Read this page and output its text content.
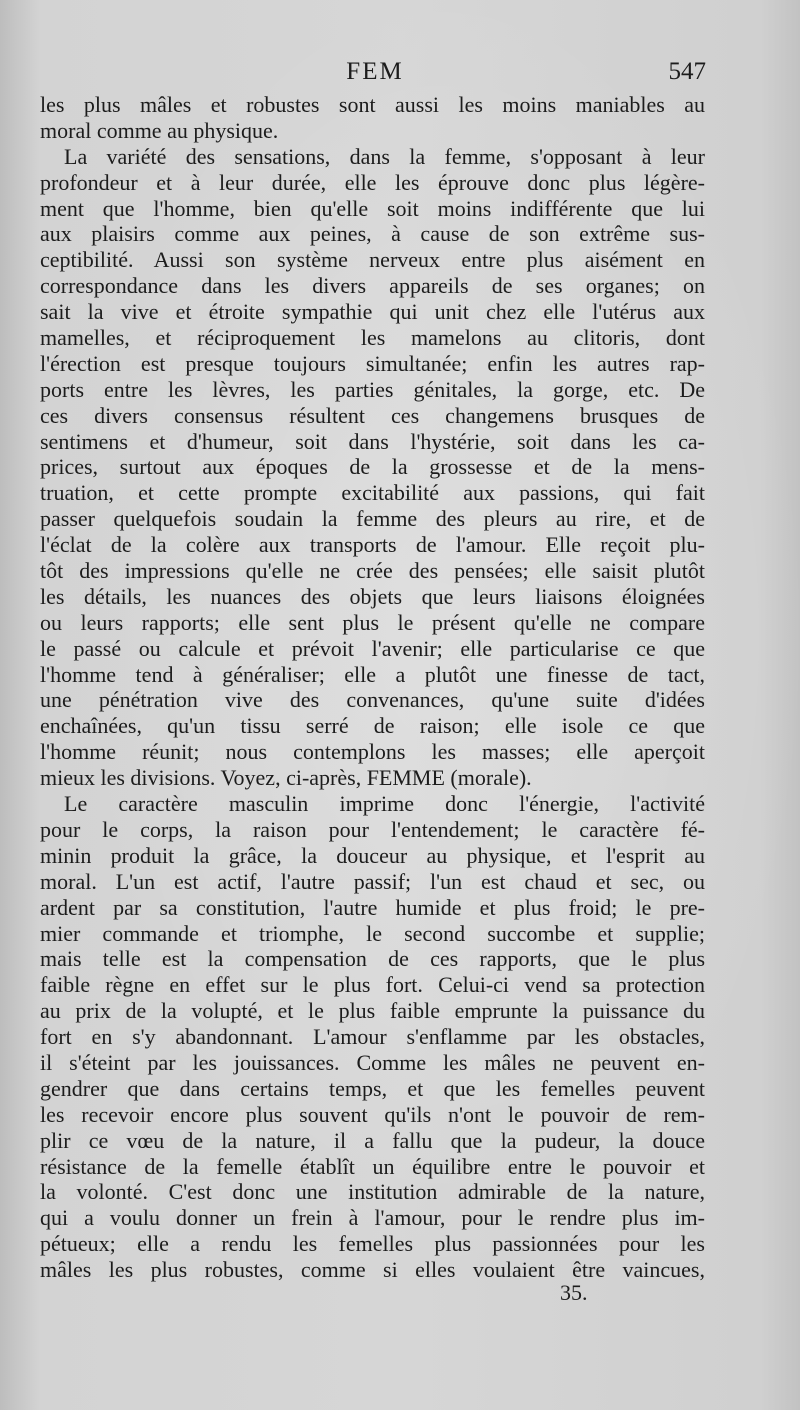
FEM	547
les plus mâles et robustes sont aussi les moins maniables au
moral comme au physique.
La variété des sensations, dans la femme, s'opposant à leur
profondeur et à leur durée, elle les éprouve donc plus légère-
ment que l'homme, bien qu'elle soit moins indifférente que lui
aux plaisirs comme aux peines, à cause de son extrême sus-
ceptibilité. Aussi son système nerveux entre plus aisément en
correspondance dans les divers appareils de ses organes; on
sait la vive et étroite sympathie qui unit chez elle l'utérus aux
mamelles, et réciproquement les mamelons au clitoris, dont
l'érection est presque toujours simultanée; enfin les autres rap-
ports entre les lèvres, les parties génitales, la gorge, etc. De
ces divers consensus résultent ces changemens brusques de
sentimens et d'humeur, soit dans l'hystérie, soit dans les ca-
prices, surtout aux époques de la grossesse et de la mens-
truation, et cette prompte excitabilité aux passions, qui fait
passer quelquefois soudain la femme des pleurs au rire, et de
l'éclat de la colère aux transports de l'amour. Elle reçoit plu-
tôt des impressions qu'elle ne crée des pensées; elle saisit plutôt
les détails, les nuances des objets que leurs liaisons éloignées
ou leurs rapports; elle sent plus le présent qu'elle ne compare
le passé ou calcule et prévoit l'avenir; elle particularise ce que
l'homme tend à généraliser; elle a plutôt une finesse de tact,
une pénétration vive des convenances, qu'une suite d'idées
enchaînées, qu'un tissu serré de raison; elle isole ce que
l'homme réunit; nous contemplons les masses; elle aperçoit
mieux les divisions. Voyez, ci-après, FEMME (morale).
Le caractère masculin imprime donc l'énergie, l'activité
pour le corps, la raison pour l'entendement; le caractère fé-
minin produit la grâce, la douceur au physique, et l'esprit au
moral. L'un est actif, l'autre passif; l'un est chaud et sec, ou
ardent par sa constitution, l'autre humide et plus froid; le pre-
mier commande et triomphe, le second succombe et supplie;
mais telle est la compensation de ces rapports, que le plus
faible règne en effet sur le plus fort. Celui-ci vend sa protection
au prix de la volupté, et le plus faible emprunte la puissance du
fort en s'y abandonnant. L'amour s'enflamme par les obstacles,
il s'éteint par les jouissances. Comme les mâles ne peuvent en-
gendrer que dans certains temps, et que les femelles peuvent
les recevoir encore plus souvent qu'ils n'ont le pouvoir de rem-
plir ce vœu de la nature, il a fallu que la pudeur, la douce
résistance de la femelle établît un équilibre entre le pouvoir et
la volonté. C'est donc une institution admirable de la nature,
qui a voulu donner un frein à l'amour, pour le rendre plus im-
pétueux; elle a rendu les femelles plus passionnées pour les
mâles les plus robustes, comme si elles voulaient être vaincues,
35.
